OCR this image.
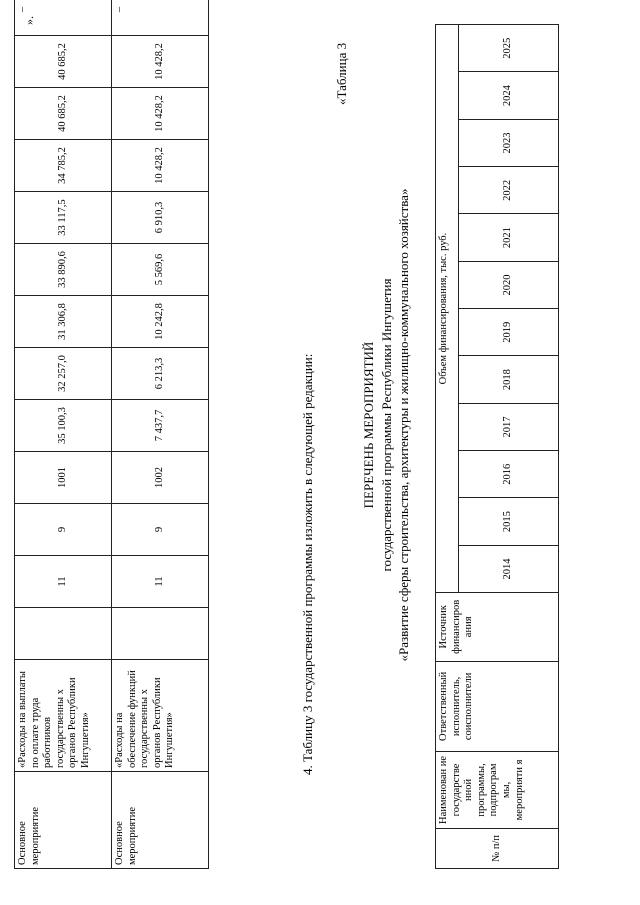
Основное мероприятие	«Расходы на выплаты по оплате труда работников государственны х органов Республики Ингушетия»		11	9	1001	35 100,3	32 257,0	31 306,8	33 890,6	33 117,5	34 785,2	40 685,2	40 685,2	–	
Основное мероприятие	«Расходы на обеспечение функций государственны х органов Республики Ингушетия»		11	9	1002	7 437,7	6 213,3	10 242,8	5 569,6	6 910,3	10 428,2	10 428,2	10 428,2	–	
».
4. Таблицу 3 государственной программы изложить в следующей редакции:
«Таблица 3
ПЕРЕЧЕНЬ МЕРОПРИЯТИЙ государственной программы Республики Ингушетия «Развитие сферы строительства, архитектуры и жилищно-коммунального хозяйства»
№ п/п	Наименован ие государстве нной программы, подпрограм мы, мероприяти я	Ответственный исполнитель, соисполнители	Источник финансиров ания	Объем финансирования, тыс. руб.											
				2014	2015	2016	2017	2018	2019	2020	2021	2022	2023	2024	2025
